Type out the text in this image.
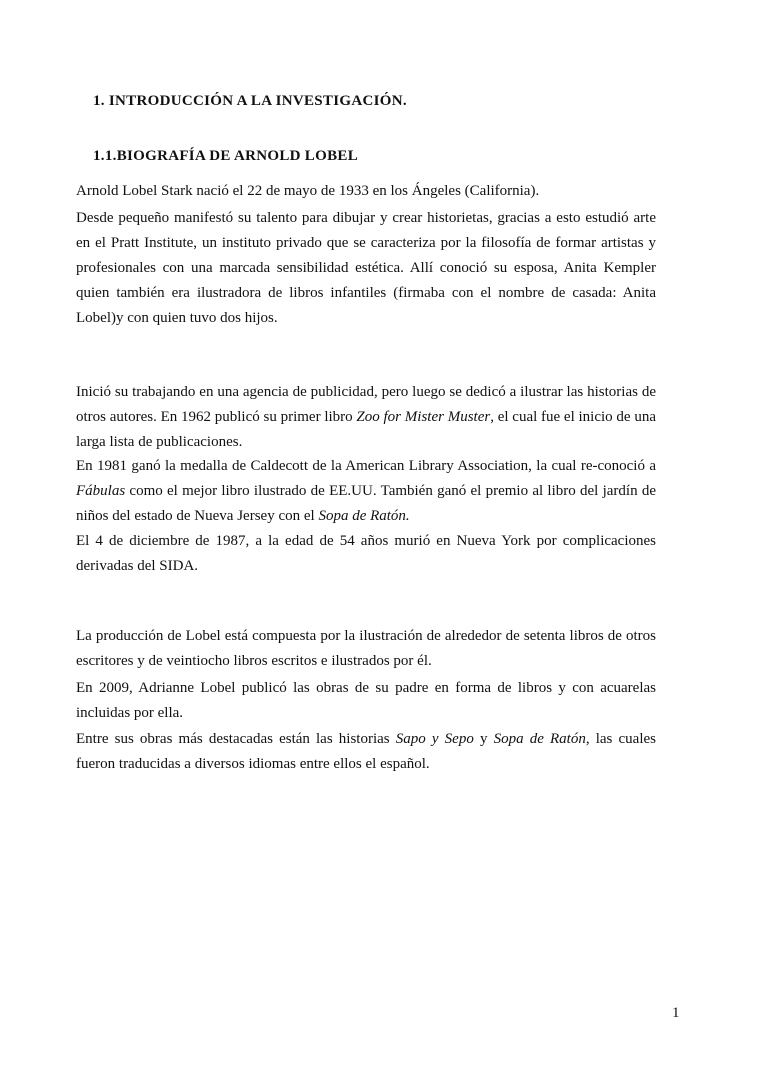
1. INTRODUCCIÓN A LA INVESTIGACIÓN.
1.1.BIOGRAFÍA DE ARNOLD LOBEL

Arnold Lobel Stark nació el 22 de mayo de 1933 en los Ángeles (California).

Desde pequeño manifestó su talento para dibujar y crear historietas, gracias a esto estudió arte en el Pratt Institute, un instituto privado que se caracteriza por la filosofía de formar artistas y profesionales con una marcada sensibilidad estética. Allí conoció su esposa, Anita Kempler quien también era ilustradora de libros infantiles (firmaba con el nombre de casada: Anita Lobel)y con quien tuvo dos hijos.

Inició su trabajando en una agencia de publicidad, pero luego se dedicó a ilustrar las historias de otros autores. En 1962 publicó su primer libro Zoo for Mister Muster, el cual fue el inicio de una larga lista de publicaciones.

En 1981 ganó la medalla de Caldecott de la American Library Association, la cual re-conoció a Fábulas como el mejor libro ilustrado de EE.UU. También ganó el premio al libro del jardín de niños del estado de Nueva Jersey con el Sopa de Ratón.

El 4 de diciembre de 1987, a la edad de 54 años murió en Nueva York por complicaciones derivadas del SIDA.

La producción de Lobel está compuesta por la ilustración de alrededor de setenta libros de otros escritores y de veintiocho libros escritos e ilustrados por él.

En 2009, Adrianne Lobel publicó las obras de su padre en forma de libros y con acuarelas incluidas por ella.

Entre sus obras más destacadas están las historias Sapo y Sepo y Sopa de Ratón, las cuales fueron traducidas a diversos idiomas entre ellos el español.

1
